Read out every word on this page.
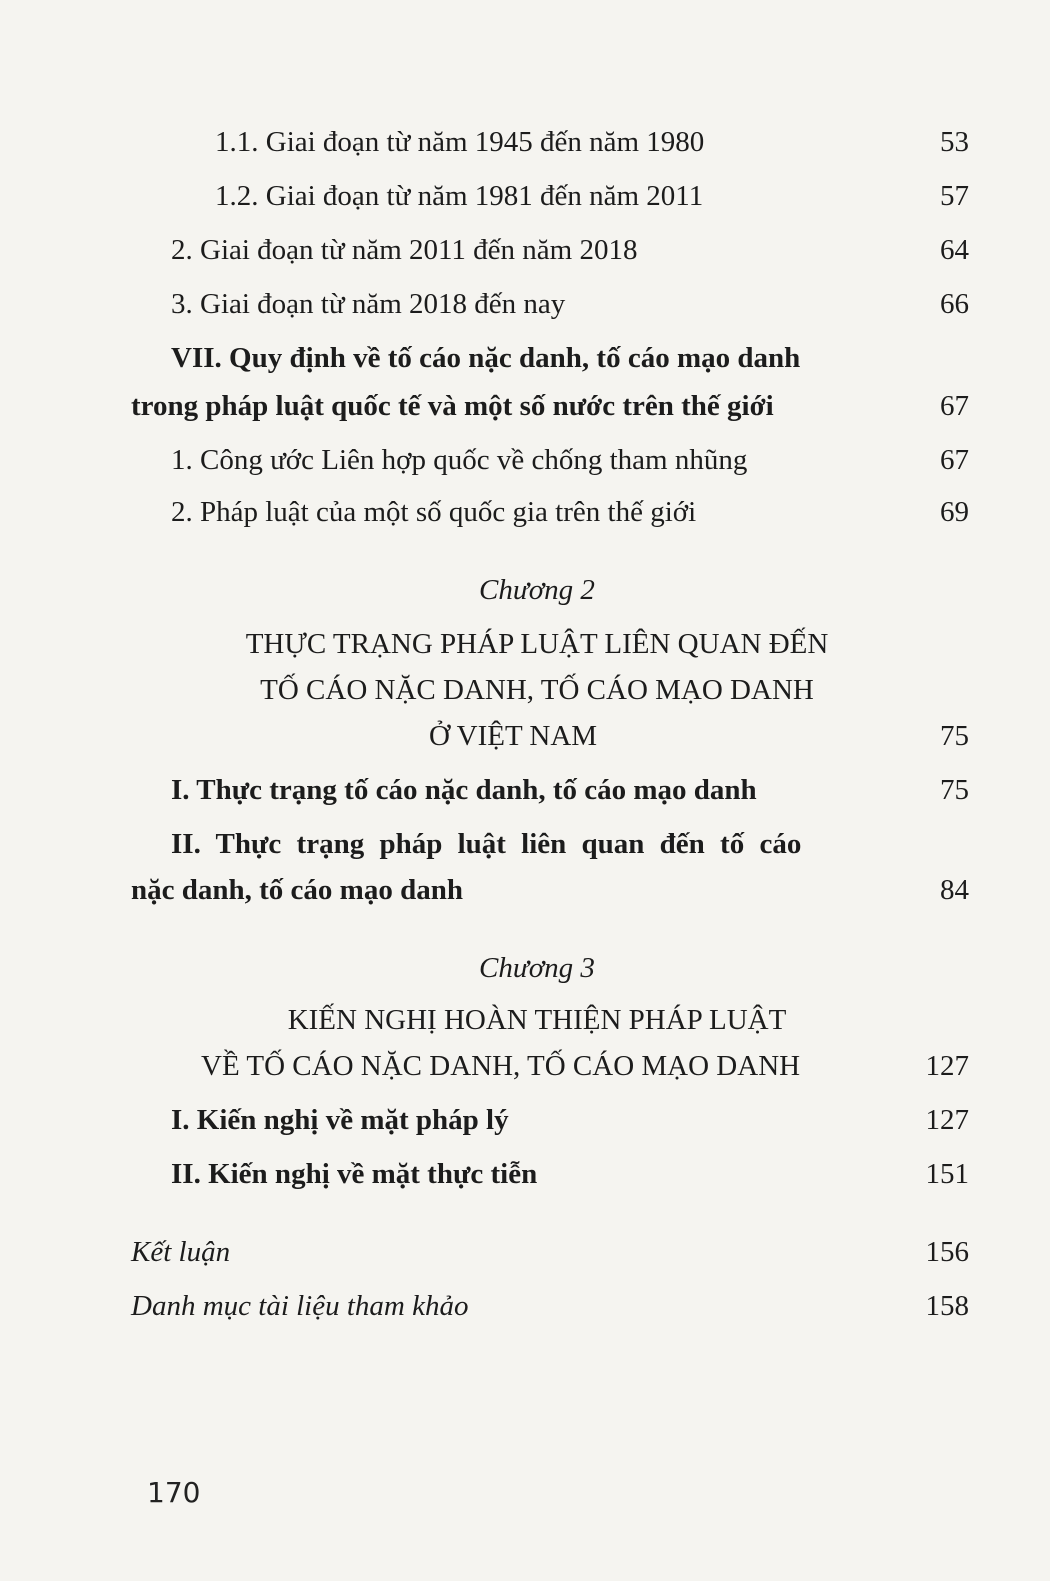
1.1. Giai đoạn từ năm 1945 đến năm 1980	53
1.2. Giai đoạn từ năm 1981 đến năm 2011	57
2. Giai đoạn từ năm 2011 đến năm 2018	64
3. Giai đoạn từ năm 2018 đến nay	66
VII. Quy định về tố cáo nặc danh, tố cáo mạo danh
trong pháp luật quốc tế và một số nước trên thế giới	67
1. Công ước Liên hợp quốc về chống tham nhũng	67
2. Pháp luật của một số quốc gia trên thế giới	69
Chương 2
THỰC TRẠNG PHÁP LUẬT LIÊN QUAN ĐẾN
TỐ CÁO NẶC DANH, TỐ CÁO MẠO DANH
Ở VIỆT NAM	75
I. Thực trạng tố cáo nặc danh, tố cáo mạo danh	75
II. Thực trạng pháp luật liên quan đến tố cáo
nặc danh, tố cáo mạo danh	84
Chương 3
KIẾN NGHỊ HOÀN THIỆN PHÁP LUẬT
VỀ TỐ CÁO NẶC DANH, TỐ CÁO MẠO DANH	127
I. Kiến nghị về mặt pháp lý	127
II. Kiến nghị về mặt thực tiễn	151
Kết luận	156
Danh mục tài liệu tham khảo	158
170
